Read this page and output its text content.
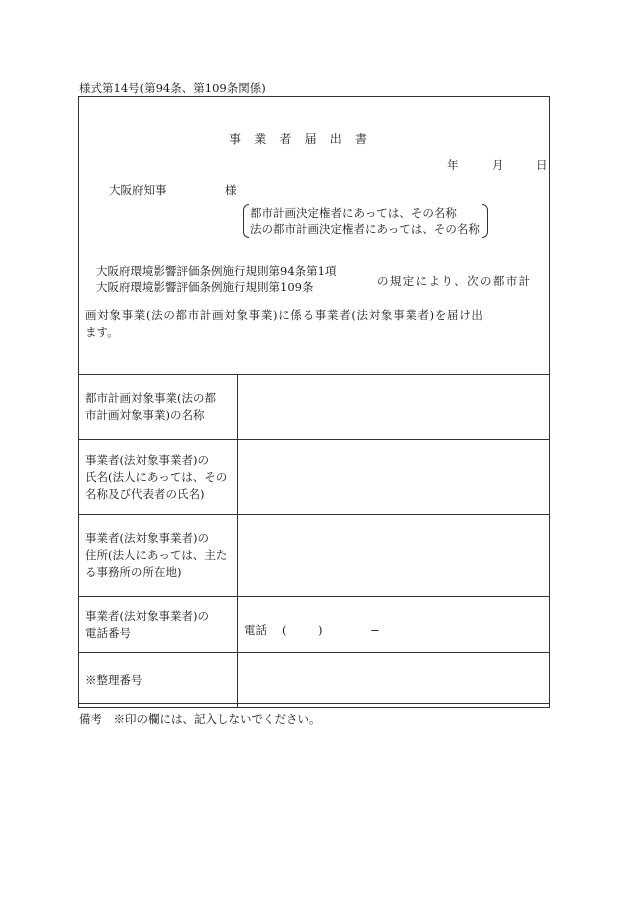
様式第14号(第94条、第109条関係)
事業者届出書
年	月	日
大阪府知事	様
都市計画決定権者にあっては、その名称
法の都市計画決定権者にあっては、その名称
大阪府環境影響評価条例施行規則第94条第1項
大阪府環境影響評価条例施行規則第109条	の規定により、次の都市計
画対象事業(法の都市計画対象事業)に係る事業者(法対象事業者)を届け出
ます。
都市計画対象事業(法の都
市計画対象事業)の名称	

事業者(法対象事業者)の
氏名(法人にあっては、その
名称及び代表者の氏名)	

事業者(法対象事業者)の
住所(法人にあっては、主た
る事務所の所在地)	

事業者(法対象事業者)の
電話番号	電話 ( ) −

※整理番号	

備考　※印の欄には、記入しないでください。
